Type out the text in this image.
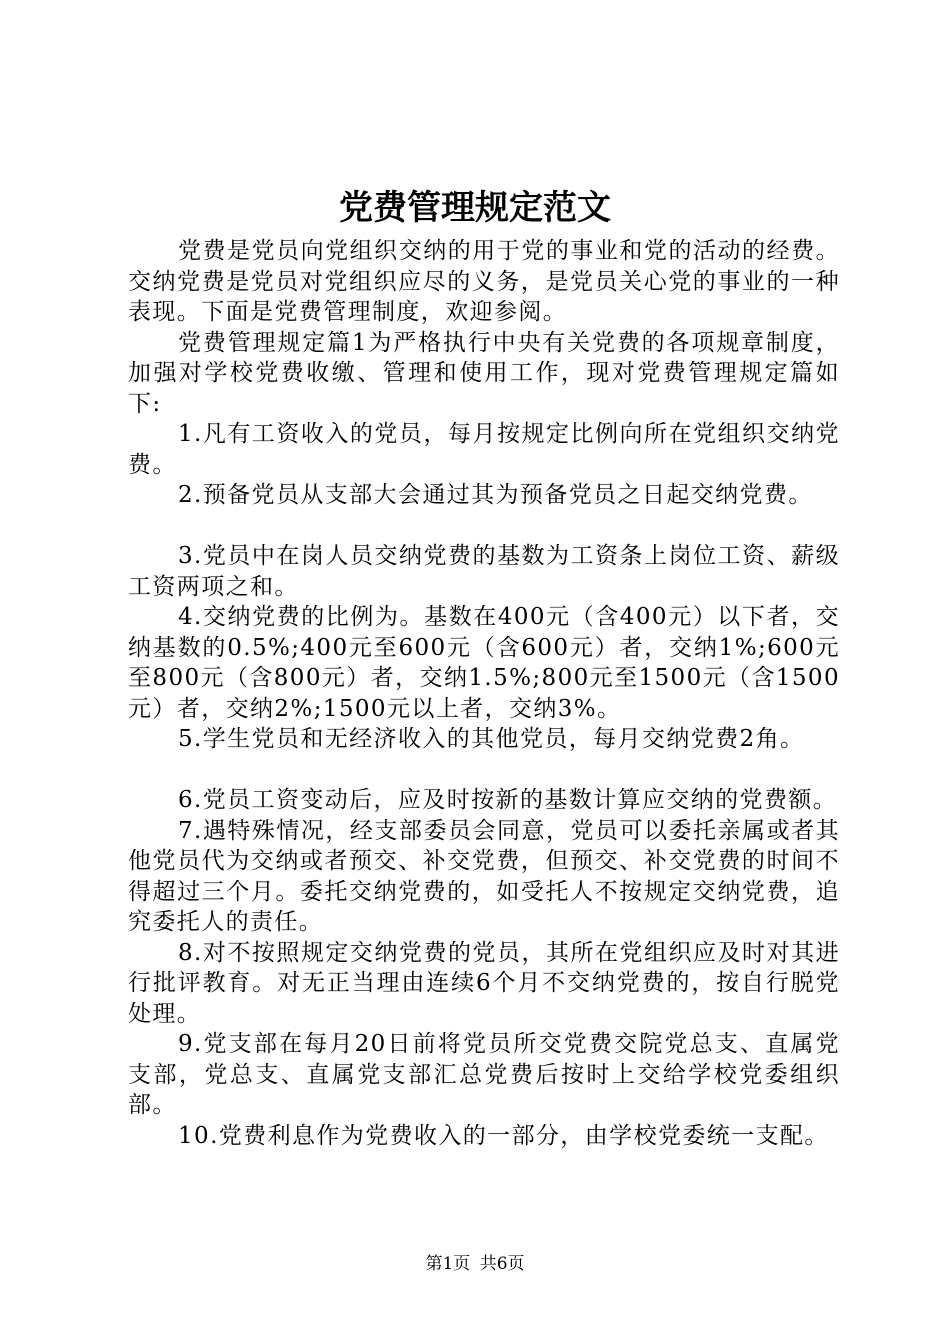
党费管理规定范文

党费是党员向党组织交纳的用于党的事业和党的活动的经费。交纳党费是党员对党组织应尽的义务，是党员关心党的事业的一种表现。下面是党费管理制度，欢迎参阅。

党费管理规定篇1为严格执行中央有关党费的各项规章制度，加强对学校党费收缴、管理和使用工作，现对党费管理规定篇如下:

1.凡有工资收入的党员，每月按规定比例向所在党组织交纳党费。

2.预备党员从支部大会通过其为预备党员之日起交纳党费。

3.党员中在岗人员交纳党费的基数为工资条上岗位工资、薪级工资两项之和。

4.交纳党费的比例为。基数在400元（含400元）以下者，交纳基数的0.5%;400元至600元（含600元）者，交纳1%;600元至800元（含800元）者，交纳1.5%;800元至1500元（含1500元）者，交纳2%;1500元以上者，交纳3%。

5.学生党员和无经济收入的其他党员，每月交纳党费2角。

6.党员工资变动后，应及时按新的基数计算应交纳的党费额。

7.遇特殊情况，经支部委员会同意，党员可以委托亲属或者其他党员代为交纳或者预交、补交党费，但预交、补交党费的时间不得超过三个月。委托交纳党费的，如受托人不按规定交纳党费，追究委托人的责任。

8.对不按照规定交纳党费的党员，其所在党组织应及时对其进行批评教育。对无正当理由连续6个月不交纳党费的，按自行脱党处理。

9.党支部在每月20日前将党员所交党费交院党总支、直属党支部，党总支、直属党支部汇总党费后按时上交给学校党委组织部。

10.党费利息作为党费收入的一部分，由学校党委统一支配。

第1页 共6页
